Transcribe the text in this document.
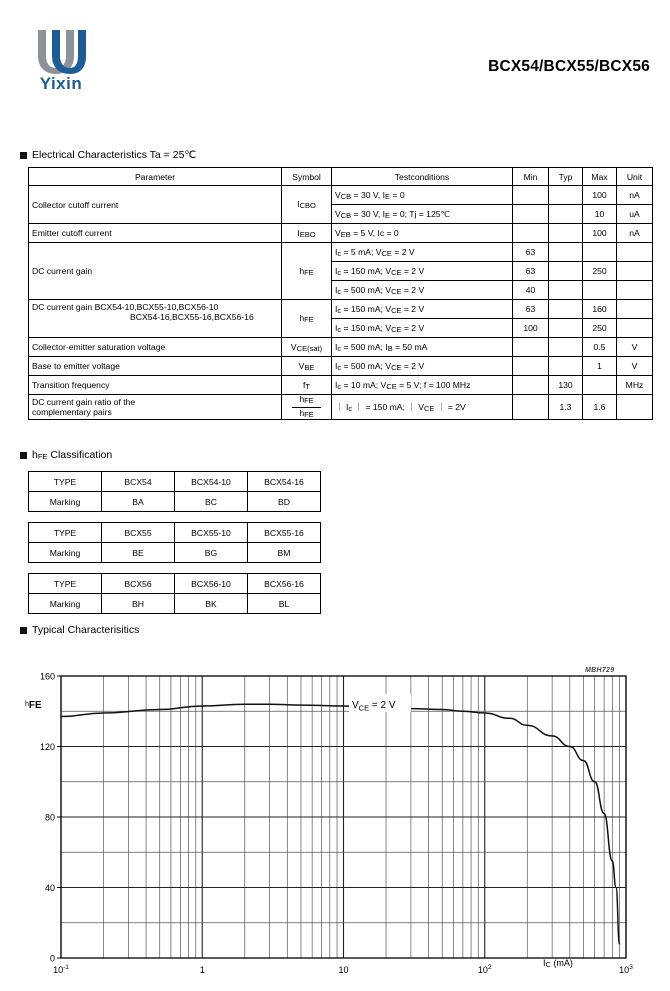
Yixin
BCX54/BCX55/BCX56
Electrical Characteristics Ta = 25℃
Parameter	Symbol	Testconditions	Min	Typ	Max	Unit
Collector cutoff current	ICBO	VCB = 30 V, IE = 0			100	nA
		VCB = 30 V, IE = 0; Tj = 125℃			10	uA
Emitter cutoff current	IEBO	VEB = 5 V, Ic = 0			100	nA
DC current gain	hFE	Ic = 5 mA; VCE = 2 V	63			
		Ic = 150 mA; VCE = 2 V	63		250	
		Ic = 500 mA; VCE = 2 V	40			

DC current gain BCX54-10,BCX55-10,BCX56-10
BCX54-16,BCX55-16,BCX56-16	hFE	Ic = 150 mA; VCE = 2 V	63		160	
		Ic = 150 mA; VCE = 2 V	100		250	
Collector-emitter saturation voltage	VCE(sat)	Ic = 500 mA; IB = 50 mA			0.5	V
Base to emitter voltage	VBE	Ic = 500 mA; VCE = 2 V			1	V
Transition frequency	fT	Ic = 10 mA; VCE = 5 V; f = 100 MHz		130		MHz

DC current gain ratio of the
complementary pairs	$\frac{\text{hFE}}{\text{hFE}}$	｜ Ic ｜ = 150 mA; ｜ VCE ｜ = 2V		1.3	1.6	
hFE Classification
TYPE	BCX54	BCX54-10	BCX54-16
Marking	BA	BC	BD
TYPE	BCX55	BCX55-10	BCX55-16
Marking	BE	BG	BM
TYPE	BCX56	BCX56-10	BCX56-16
Marking	BH	BK	BL
Typical Characterisitics
MBH729
0
40
80
120
160
$10^{-1}$	1	10	$10^2$	$10^3$
$V_{CE} = 2$ V
$^h$FE
IC (mA)
